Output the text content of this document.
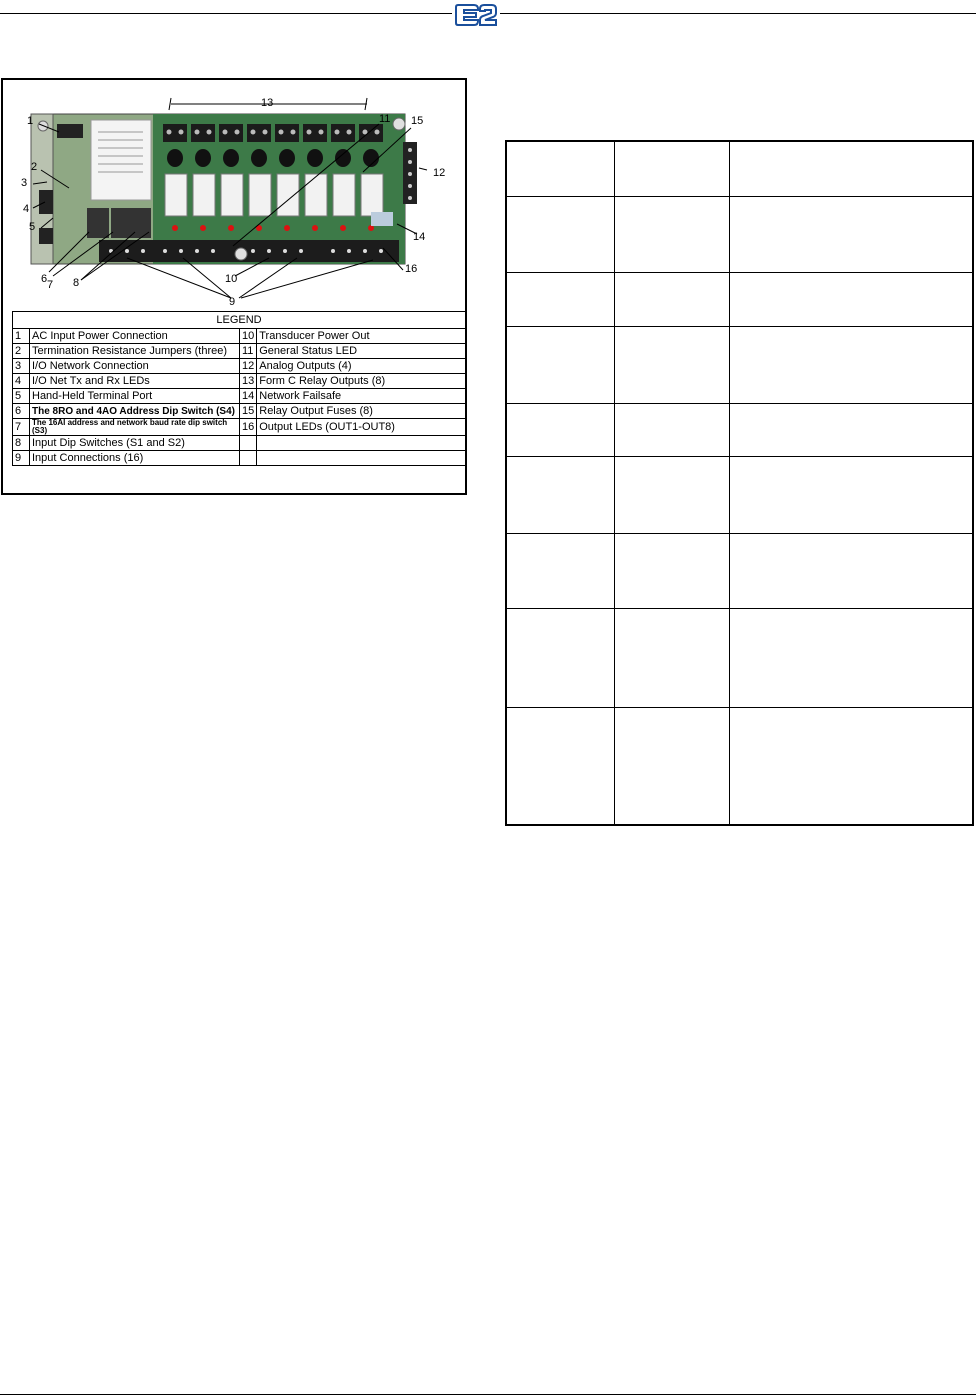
1
2
3
4
5
6 7 8
9
10
11
12
13
14
15
16
LEGEND			
1	AC Input Power Connection	10	Transducer Power Out
2	Termination Resistance Jumpers (three)	11	General Status LED
3	I/O Network Connection	12	Analog Outputs (4)
4	I/O Net Tx and Rx LEDs	13	Form C Relay Outputs (8)
5	Hand-Held Terminal Port	14	Network Failsafe
6	The 8RO and 4AO Address Dip Switch (S4)	15	Relay Output Fuses (8)
7	The 16AI address and network baud rate dip switch (S3)	16	Output LEDs (OUT1-OUT8)
8	Input Dip Switches (S1 and S2)		
9	Input Connections (16)		
